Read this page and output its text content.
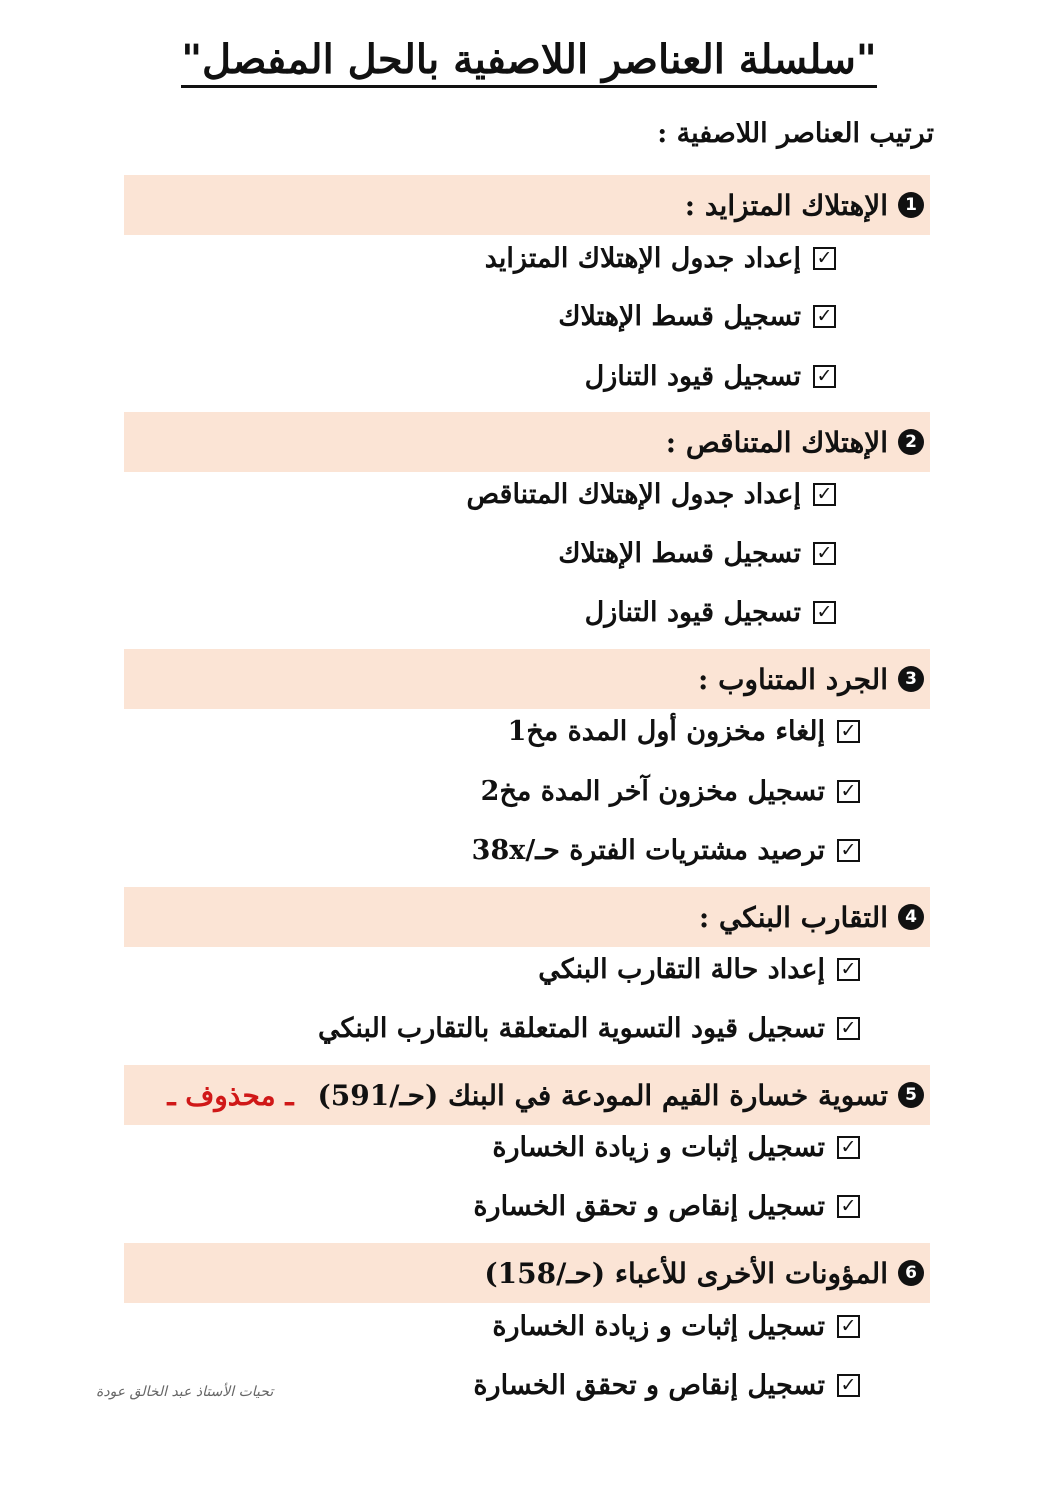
"سلسلة العناصر اللاصفية بالحل المفصل"
ترتيب العناصر اللاصفية :
1
الإهتلاك المتزايد :
✓
إعداد جدول الإهتلاك المتزايد
✓
تسجيل قسط الإهتلاك
✓
تسجيل قيود التنازل
2
الإهتلاك المتناقص :
✓
إعداد جدول الإهتلاك المتناقص
✓
تسجيل قسط الإهتلاك
✓
تسجيل قيود التنازل
3
الجرد المتناوب :
✓
إلغاء مخزون أول المدة مخ1
✓
تسجيل مخزون آخر المدة مخ2
✓
ترصيد مشتريات الفترة حـ/38x
4
التقارب البنكي :
✓
إعداد حالة التقارب البنكي
✓
تسجيل قيود التسوية المتعلقة بالتقارب البنكي
5
تسوية خسارة القيم المودعة في البنك (حـ/591)
ـ محذوف ـ
✓
تسجيل إثبات و زيادة الخسارة
✓
تسجيل إنقاص و تحقق الخسارة
6
المؤونات الأخرى للأعباء (حـ/158)
✓
تسجيل إثبات و زيادة الخسارة
✓
تسجيل إنقاص و تحقق الخسارة
تحيات الأستاذ عبد الخالق عودة
